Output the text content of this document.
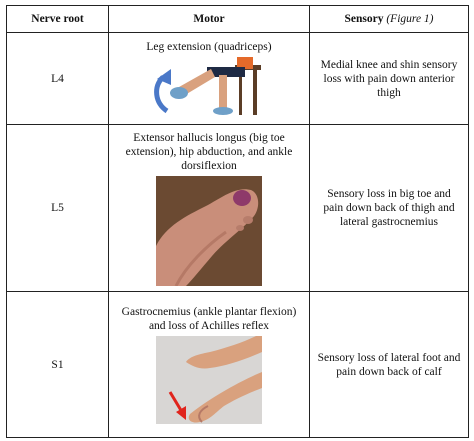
Nerve root	Motor	Sensory (Figure 1)
L4	Leg extension (quadriceps)	Medial knee and shin sensory loss with pain down anterior thigh
L5	Extensor hallucis longus (big toe extension), hip abduction, and ankle dorsiflexion	Sensory loss in big toe and pain down back of thigh and lateral gastrocnemius
S1	Gastrocnemius (ankle plantar flexion) and loss of Achilles reflex	Sensory loss of lateral foot and pain down back of calf
